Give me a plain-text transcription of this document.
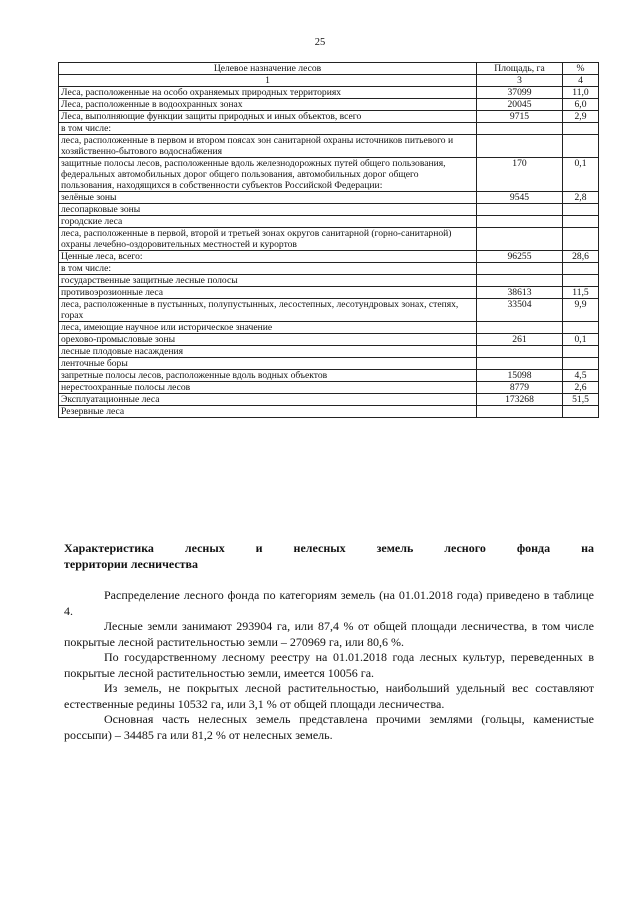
25
Целевое назначение лесов	Площадь, га	%
1	3	4
Леса, расположенные на особо охраняемых природных территориях	37099	11,0
Леса, расположенные в водоохранных зонах	20045	6,0
Леса, выполняющие функции защиты природных и иных объектов, всего	9715	2,9
в том числе:		
леса, расположенные в первом и втором поясах зон санитарной охраны источников питьевого и хозяйственно-бытового водоснабжения		
защитные полосы лесов, расположенные вдоль железнодорожных путей общего пользования, федеральных автомобильных дорог общего пользования, автомобильных дорог общего пользования, находящихся в собственности субъектов Российской Федерации:	170	0,1
зелёные зоны	9545	2,8
лесопарковые зоны		
городские леса		
леса, расположенные в первой, второй и третьей зонах округов санитарной (горно-санитарной) охраны лечебно-оздоровительных местностей и курортов		
Ценные леса, всего:	96255	28,6
в том числе:		
государственные защитные лесные полосы		
противоэрозионные леса	38613	11,5
леса, расположенные в пустынных, полупустынных, лесостепных, лесотундровых зонах, степях, горах	33504	9,9
леса, имеющие научное или историческое значение		
орехово-промысловые зоны	261	0,1
лесные плодовые насаждения		
ленточные боры		
запретные полосы лесов, расположенные вдоль водных объектов	15098	4,5
нерестоохранные полосы лесов	8779	2,6
Эксплуатационные леса	173268	51,5
Резервные леса		
Характеристика лесных и нелесных земель лесного фонда на
территории лесничества

Распределение лесного фонда по категориям земель (на 01.01.2018 года) приведено в таблице 4.

Лесные земли занимают 293904 га, или 87,4 % от общей площади лесничества, в том числе покрытые лесной растительностью земли – 270969 га, или 80,6 %.

По государственному лесному реестру на 01.01.2018 года лесных культур, переведенных в покрытые лесной растительностью земли, имеется 10056 га.

Из земель, не покрытых лесной растительностью, наибольший удельный вес составляют естественные редины 10532 га, или 3,1 % от общей площади лесничества.

Основная часть нелесных земель представлена прочими землями (гольцы, каменистые россыпи) – 34485 га или 81,2 % от нелесных земель.
